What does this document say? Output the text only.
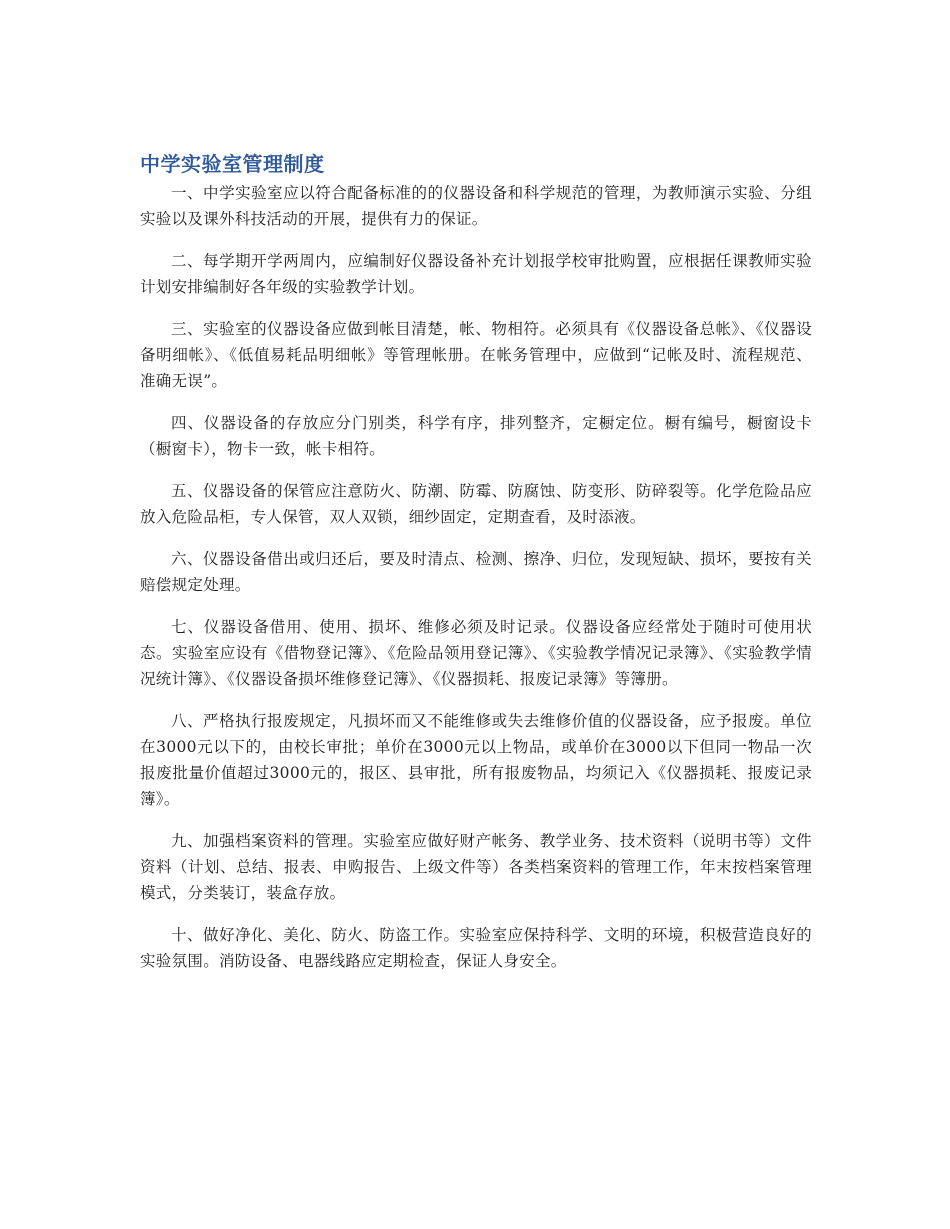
中学实验室管理制度

一、中学实验室应以符合配备标准的的仪器设备和科学规范的管理，为教师演示实验、分组实验以及课外科技活动的开展，提供有力的保证。

二、每学期开学两周内，应编制好仪器设备补充计划报学校审批购置，应根据任课教师实验计划安排编制好各年级的实验教学计划。

三、实验室的仪器设备应做到帐目清楚，帐、物相符。必须具有《仪器设备总帐》、《仪器设备明细帐》、《低值易耗品明细帐》等管理帐册。在帐务管理中，应做到“记帐及时、流程规范、准确无误”。

四、仪器设备的存放应分门别类，科学有序，排列整齐，定橱定位。橱有编号，橱窗设卡（橱窗卡），物卡一致，帐卡相符。

五、仪器设备的保管应注意防火、防潮、防霉、防腐蚀、防变形、防碎裂等。化学危险品应放入危险品柜，专人保管，双人双锁，细纱固定，定期查看，及时添液。

六、仪器设备借出或归还后，要及时清点、检测、擦净、归位，发现短缺、损坏，要按有关赔偿规定处理。

七、仪器设备借用、使用、损坏、维修必须及时记录。仪器设备应经常处于随时可使用状态。实验室应设有《借物登记簿》、《危险品领用登记簿》、《实验教学情况记录簿》、《实验教学情况统计簿》、《仪器设备损坏维修登记簿》、《仪器损耗、报废记录簿》等簿册。

八、严格执行报废规定，凡损坏而又不能维修或失去维修价值的仪器设备，应予报废。单位在3000元以下的，由校长审批；单价在3000元以上物品，或单价在3000以下但同一物品一次报废批量价值超过3000元的，报区、县审批，所有报废物品，均须记入《仪器损耗、报废记录簿》。

九、加强档案资料的管理。实验室应做好财产帐务、教学业务、技术资料（说明书等）文件资料（计划、总结、报表、申购报告、上级文件等）各类档案资料的管理工作，年末按档案管理模式，分类装订，装盒存放。

十、做好净化、美化、防火、防盗工作。实验室应保持科学、文明的环境，积极营造良好的实验氛围。消防设备、电器线路应定期检查，保证人身安全。
